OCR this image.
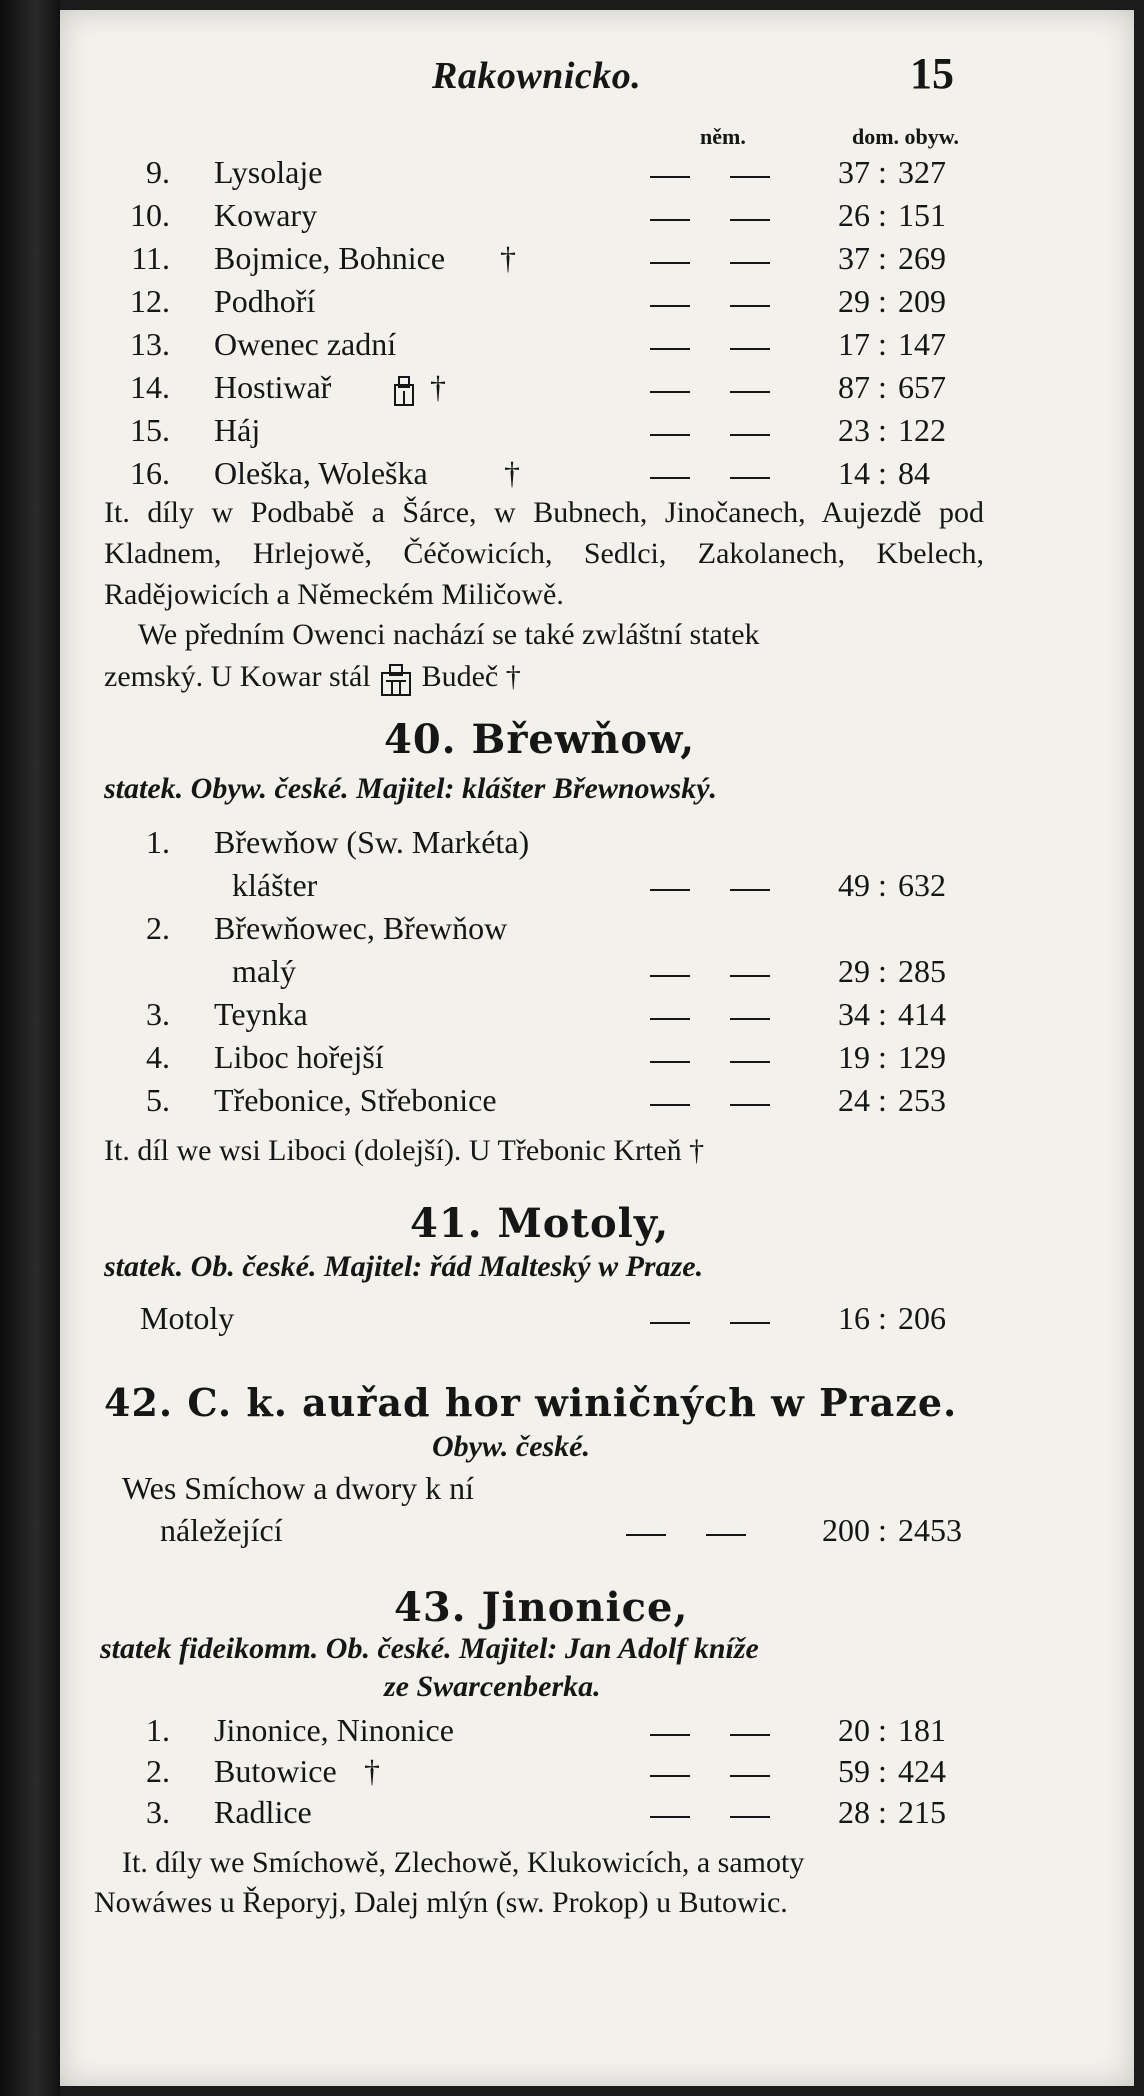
Rakownicko.	15
něm.	dom. obyw.
9. Lysolaje	37 : 327
10. Kowary	26 : 151
11. Bojmice, Bohnice †	37 : 269
12. Podhoří	29 : 209
13. Owenec zadní	17 : 147
14. Hostiwař	†	87 : 657
15. Háj	23 : 122
16. Oleška, Woleška †	14 : 84
It. díly w Podbabě a Šárce, w Bubnech, Jinočanech, Aujezdě pod Kladnem, Hrlejowě, Čéčowicích, Sedlci, Zakolanech, Kbelech, Radějowicích a Německém Miličowě.
We předním Owenci nachází se také zwláštní statek
zemský. U Kowar stál Budeč †
40. Břewňow,
statek. Obyw. české. Majitel: klášter Břewnowský.
1. Břewňow (Sw. Markéta)
klášter	49 : 632
2. Břewňowec, Břewňow
malý	29 : 285
3. Teynka	34 : 414
4. Liboc hořejší	19 : 129
5. Třebonice, Střebonice	24 : 253
It. díl we wsi Liboci (dolejší). U Třebonic Krteň †
41. Motoly,
statek. Ob. české. Majitel: řád Malteský w Praze.
Motoly	16 : 206
42. C. k. auřad hor winičných w Praze.
Obyw. české.
Wes Smíchow a dwory k ní
náležející	200 : 2453
43. Jinonice,
statek fideikomm. Ob. české. Majitel: Jan Adolf kníže
ze Swarcenberka.
1. Jinonice, Ninonice	20 : 181
2. Butowice †	59 : 424
3. Radlice	28 : 215
It. díly we Smíchowě, Zlechowě, Klukowicích, a samoty
Nowáwes u Řeporyj, Dalej mlýn (sw. Prokop) u Butowic.
